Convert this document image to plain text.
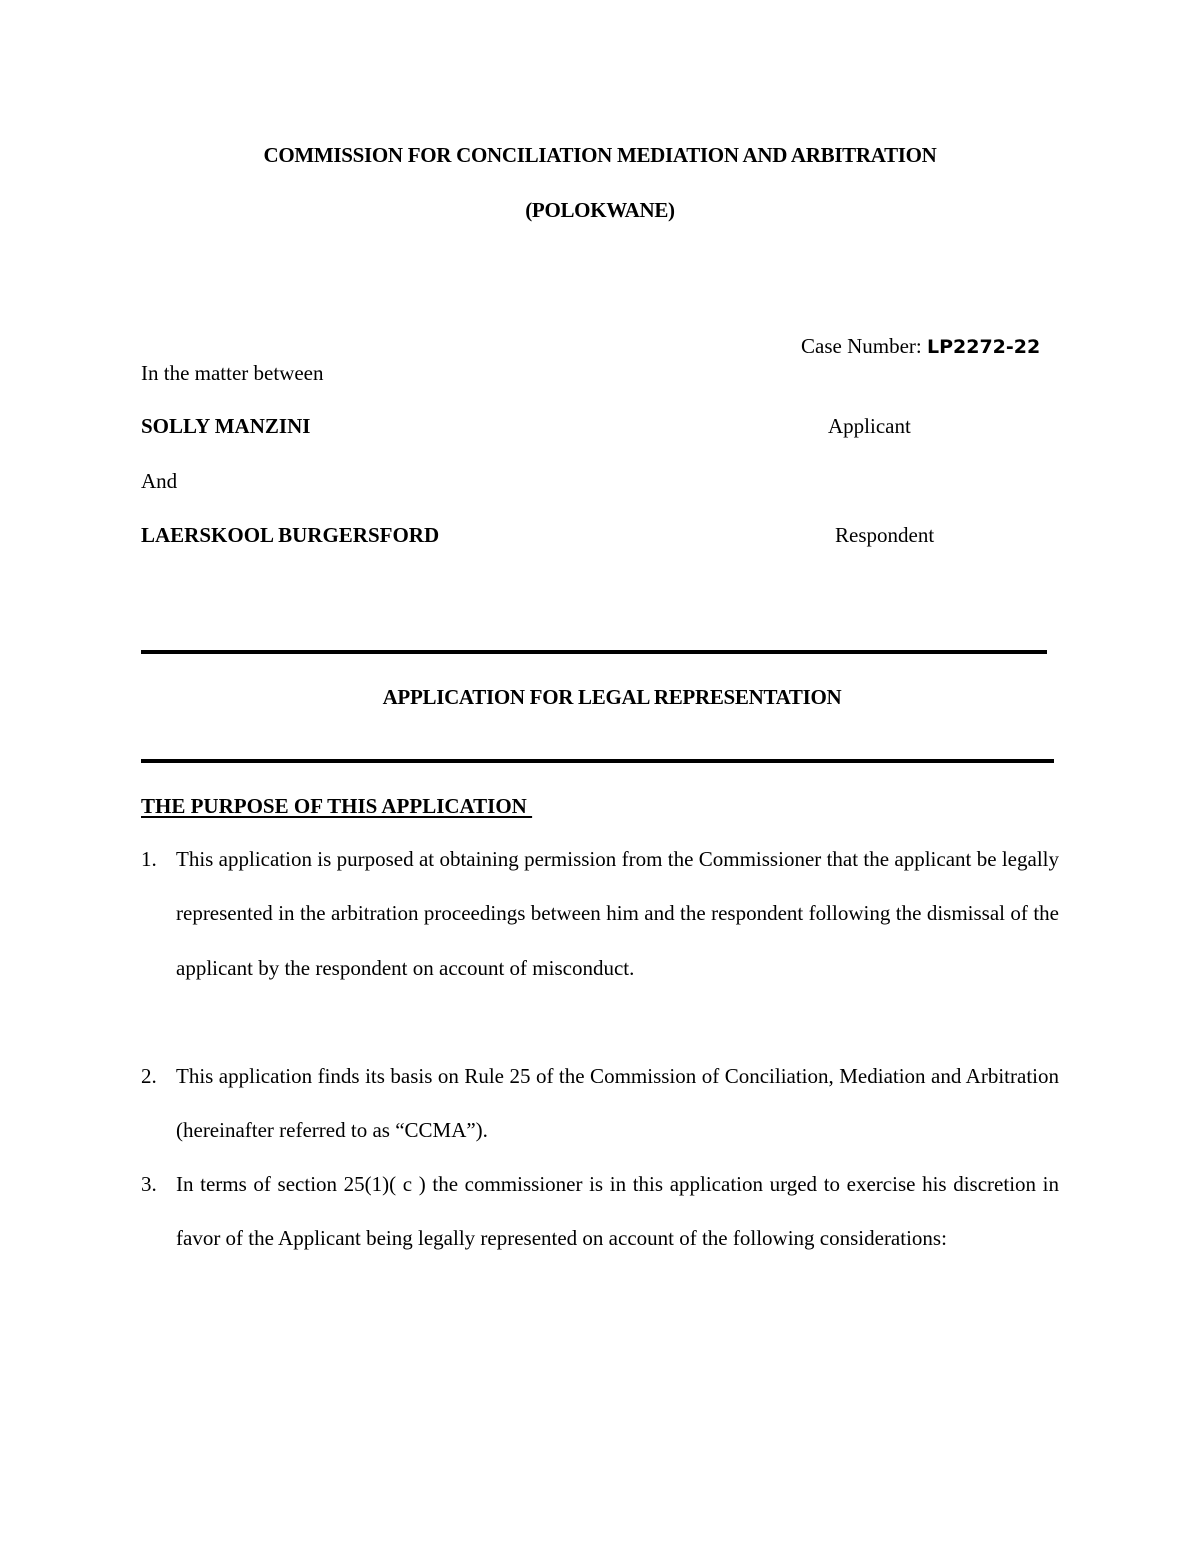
COMMISSION FOR CONCILIATION MEDIATION AND ARBITRATION
(POLOKWANE)
Case Number: LP2272-22
In the matter between
SOLLY MANZINI	Applicant
And
LAERSKOOL BURGERSFORD	Respondent
APPLICATION FOR LEGAL REPRESENTATION
THE PURPOSE OF THIS APPLICATION
1. This application is purposed at obtaining permission from the Commissioner that the applicant be legally represented in the arbitration proceedings between him and the respondent following the dismissal of the applicant by the respondent on account of misconduct.
2. This application finds its basis on Rule 25 of the Commission of Conciliation, Mediation and Arbitration (hereinafter referred to as “CCMA”).
3. In terms of section 25(1)( c ) the commissioner is in this application urged to exercise his discretion in favor of the Applicant being legally represented on account of the following considerations:
